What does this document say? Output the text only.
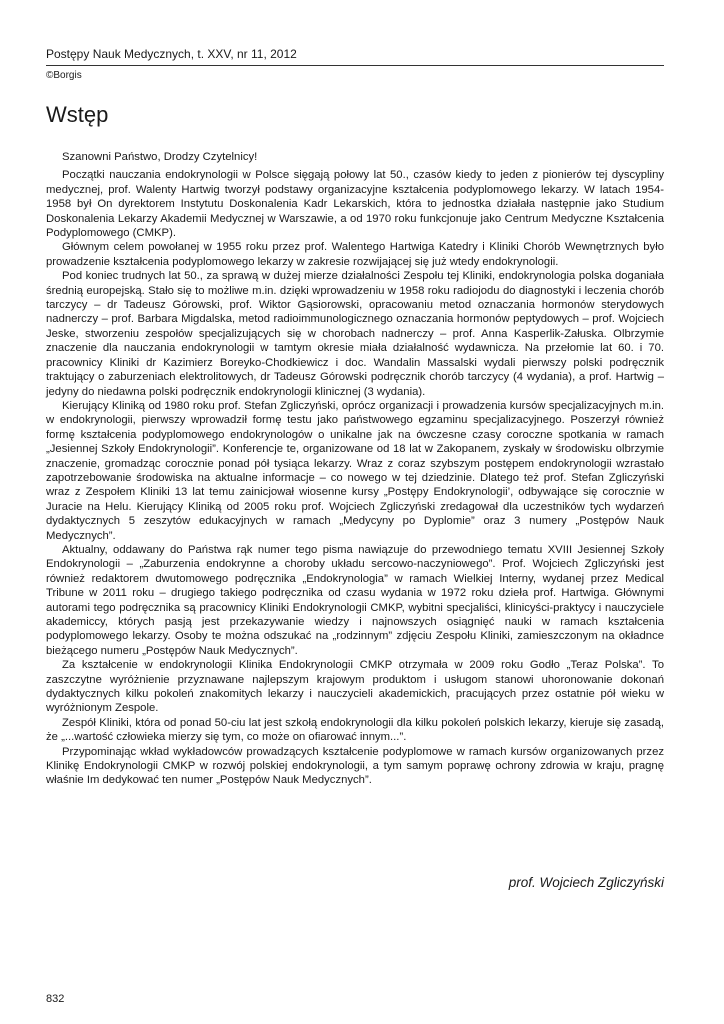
Postępy Nauk Medycznych, t. XXV, nr 11, 2012
©Borgis
Wstęp

Szanowni Państwo, Drodzy Czytelnicy!

Początki nauczania endokrynologii w Polsce sięgają połowy lat 50., czasów kiedy to jeden z pionierów tej dyscypliny medycznej, prof. Walenty Hartwig tworzył podstawy organizacyjne kształcenia podyplomowego lekarzy. W latach 1954-1958 był On dyrektorem Instytutu Doskonalenia Kadr Lekarskich, która to jednostka działała następnie jako Studium Doskonalenia Lekarzy Akademii Medycznej w Warszawie, a od 1970 roku funkcjonuje jako Centrum Medyczne Kształcenia Podyplomowego (CMKP).

Głównym celem powołanej w 1955 roku przez prof. Walentego Hartwiga Katedry i Kliniki Chorób Wewnętrznych było prowadzenie kształcenia podyplomowego lekarzy w zakresie rozwijającej się już wtedy endokrynologii.

Pod koniec trudnych lat 50., za sprawą w dużej mierze działalności Zespołu tej Kliniki, endokrynologia polska doganiała średnią europejską. Stało się to możliwe m.in. dzięki wprowadzeniu w 1958 roku radiojodu do diagnostyki i leczenia chorób tarczycy – dr Tadeusz Górowski, prof. Wiktor Gąsiorowski, opracowaniu metod oznaczania hormonów sterydowych nadnerczy – prof. Barbara Migdalska, metod radioimmunologicznego oznaczania hormonów peptydowych – prof. Wojciech Jeske, stworzeniu zespołów specjalizujących się w chorobach nadnerczy – prof. Anna Kasperlik-Załuska. Olbrzymie znaczenie dla nauczania endokrynologii w tamtym okresie miała działalność wydawnicza. Na przełomie lat 60. i 70. pracownicy Kliniki dr Kazimierz Boreyko-Chodkiewicz i doc. Wandalin Massalski wydali pierwszy polski podręcznik traktujący o zaburzeniach elektrolitowych, dr Tadeusz Górowski podręcznik chorób tarczycy (4 wydania), a prof. Hartwig – jedyny do niedawna polski podręcznik endokrynologii klinicznej (3 wydania).

Kierujący Kliniką od 1980 roku prof. Stefan Zgliczyński, oprócz organizacji i prowadzenia kursów specjalizacyjnych m.in. w endokrynologii, pierwszy wprowadził formę testu jako państwowego egzaminu specjalizacyjnego. Poszerzył również formę kształcenia podyplomowego endokrynologów o unikalne jak na ówczesne czasy coroczne spotkania w ramach „Jesiennej Szkoły Endokrynologii”. Konferencje te, organizowane od 18 lat w Zakopanem, zyskały w środowisku olbrzymie znaczenie, gromadząc corocznie ponad pół tysiąca lekarzy. Wraz z coraz szybszym postępem endokrynologii wzrastało zapotrzebowanie środowiska na aktualne informacje – co nowego w tej dziedzinie. Dlatego też prof. Stefan Zgliczyński wraz z Zespołem Kliniki 13 lat temu zainicjował wiosenne kursy „Postępy Endokrynologii’, odbywające się corocznie w Juracie na Helu. Kierujący Kliniką od 2005 roku prof. Wojciech Zgliczyński zredagował dla uczestników tych wydarzeń dydaktycznych 5 zeszytów edukacyjnych w ramach „Medycyny po Dyplomie” oraz 3 numery „Postępów Nauk Medycznych”.

Aktualny, oddawany do Państwa rąk numer tego pisma nawiązuje do przewodniego tematu XVIII Jesiennej Szkoły Endokrynologii – „Zaburzenia endokrynne a choroby układu sercowo-naczyniowego”. Prof. Wojciech Zgliczyński jest również redaktorem dwutomowego podręcznika „Endokrynologia” w ramach Wielkiej Interny, wydanej przez Medical Tribune w 2011 roku – drugiego takiego podręcznika od czasu wydania w 1972 roku dzieła prof. Hartwiga. Głównymi autorami tego podręcznika są pracownicy Kliniki Endokrynologii CMKP, wybitni specjaliści, klinicyści-praktycy i nauczyciele akademiccy, których pasją jest przekazywanie wiedzy i najnowszych osiągnięć nauki w ramach kształcenia podyplomowego lekarzy. Osoby te można odszukać na „rodzinnym” zdjęciu Zespołu Kliniki, zamieszczonym na okładnce bieżącego numeru „Postępów Nauk Medycznych”.

Za kształcenie w endokrynologii Klinika Endokrynologii CMKP otrzymała w 2009 roku Godło „Teraz Polska”. To zaszczytne wyróżnienie przyznawane najlepszym krajowym produktom i usługom stanowi uhoronowanie dokonań dydaktycznych kilku pokoleń znakomitych lekarzy i nauczycieli akademickich, pracujących przez ostatnie pół wieku w wyróżnionym Zespole.

Zespół Kliniki, która od ponad 50-ciu lat jest szkołą endokrynologii dla kilku pokoleń polskich lekarzy, kieruje się zasadą, że „...wartość człowieka mierzy się tym, co może on ofiarować innym...”.

Przypominając wkład wykładowców prowadzących kształcenie podyplomowe w ramach kursów organizowanych przez Klinikę Endokrynologii CMKP w rozwój polskiej endokrynologii, a tym samym poprawę ochrony zdrowia w kraju, pragnę właśnie Im dedykować ten numer „Postępów Nauk Medycznych”.

prof. Wojciech Zgliczyński
832
